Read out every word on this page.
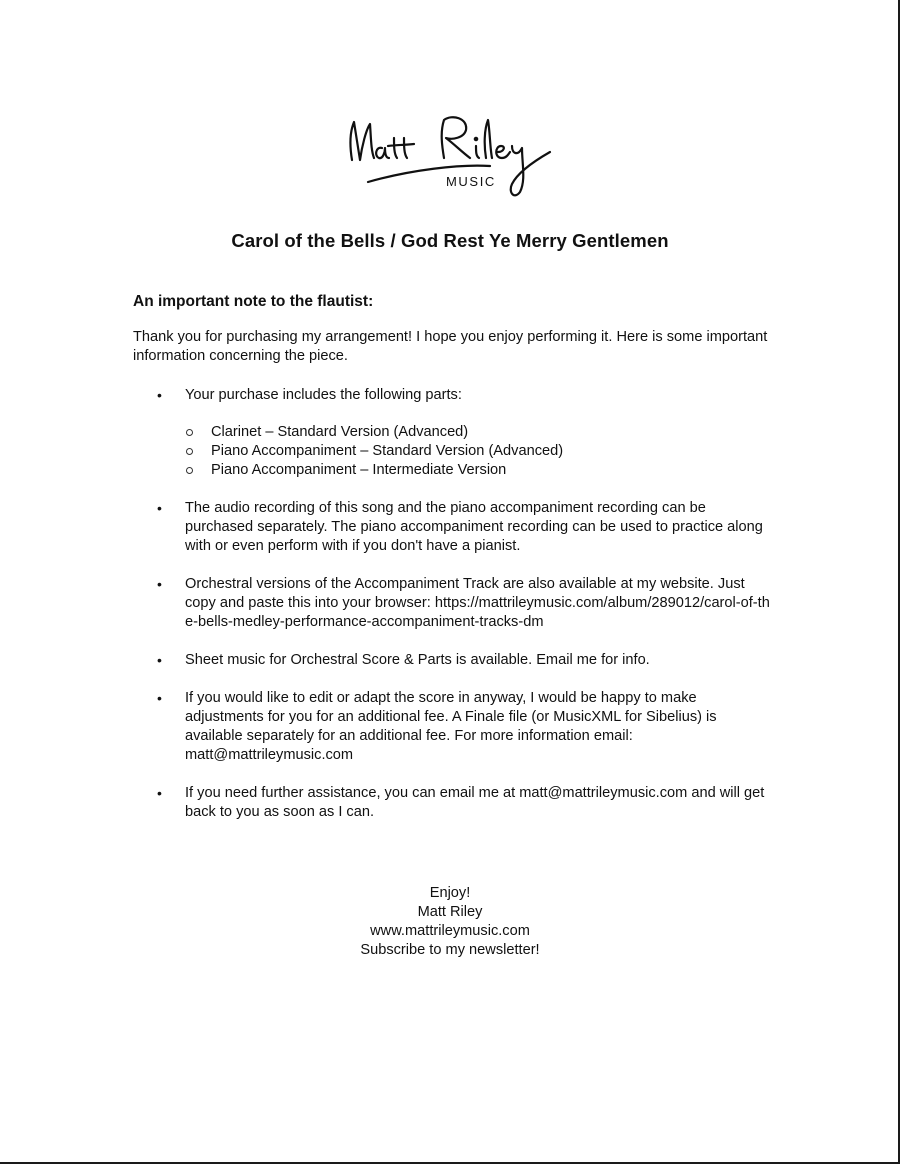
MUSIC
Carol of the Bells / God Rest Ye Merry Gentlemen

An important note to the flautist:

Thank you for purchasing my arrangement! I hope you enjoy performing it. Here is some important information concerning the piece.

• Your purchase includes the following parts:
Clarinet – Standard Version (Advanced)
Piano Accompaniment – Standard Version (Advanced)
Piano Accompaniment – Intermediate Version
• The audio recording of this song and the piano accompaniment recording can be purchased separately. The piano accompaniment recording can be used to practice along with or even perform with if you don't have a pianist.
• Orchestral versions of the Accompaniment Track are also available at my website. Just copy and paste this into your browser: https://mattrileymusic.com/album/289012/carol-of-the-bells-medley-performance-accompaniment-tracks-dm
• Sheet music for Orchestral Score & Parts is available. Email me for info.
• If you would like to edit or adapt the score in anyway, I would be happy to make adjustments for you for an additional fee. A Finale file (or MusicXML for Sibelius) is available separately for an additional fee. For more information email: matt@mattrileymusic.com
• If you need further assistance, you can email me at matt@mattrileymusic.com and will get back to you as soon as I can.
Enjoy!
Matt Riley
www.mattrileymusic.com
Subscribe to my newsletter!
